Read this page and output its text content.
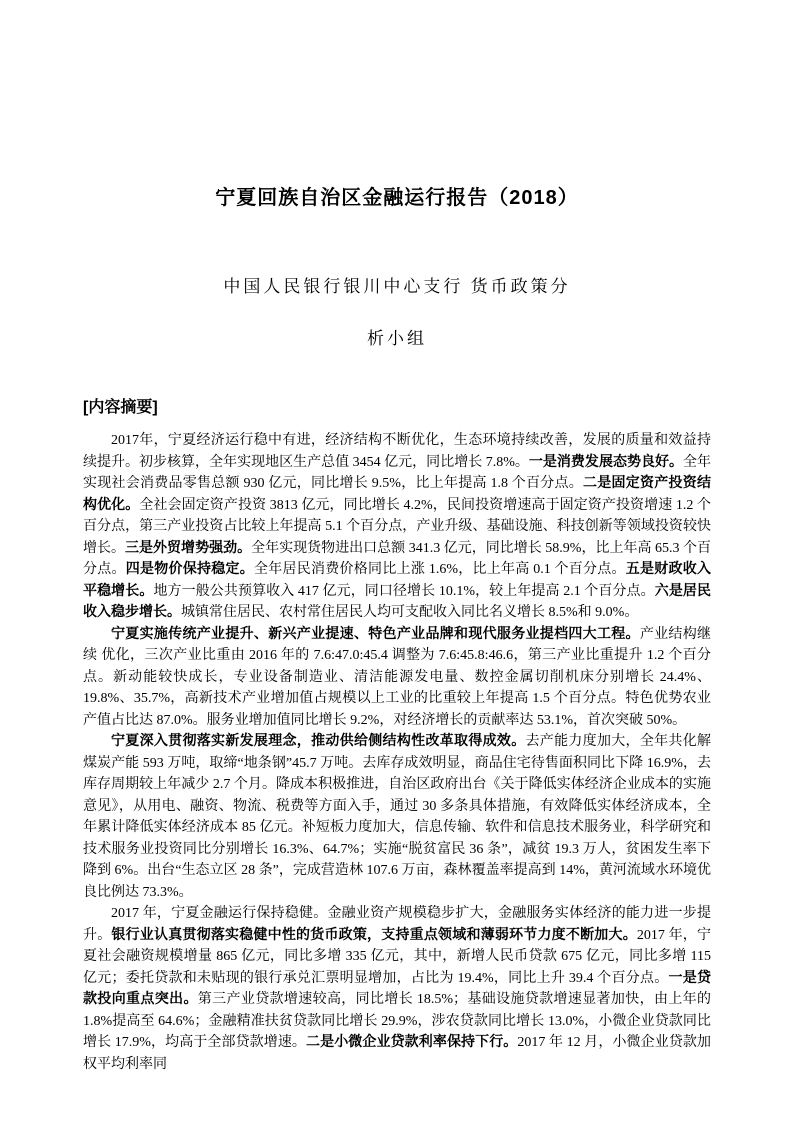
宁夏回族自治区金融运行报告（2018）
中国人民银行银川中心支行 货币政策分
析小组
[内容摘要]

2017年，宁夏经济运行稳中有进，经济结构不断优化，生态环境持续改善，发展的质量和效益持续提升。初步核算，全年实现地区生产总值 3454 亿元，同比增长 7.8%。一是消费发展态势良好。全年实现社会消费品零售总额 930 亿元，同比增长 9.5%，比上年提高 1.8 个百分点。二是固定资产投资结构优化。全社会固定资产投资 3813 亿元，同比增长 4.2%，民间投资增速高于固定资产投资增速 1.2 个百分点，第三产业投资占比较上年提高 5.1 个百分点，产业升级、基础设施、科技创新等领域投资较快增长。三是外贸增势强劲。全年实现货物进出口总额 341.3 亿元，同比增长 58.9%，比上年高 65.3 个百分点。四是物价保持稳定。全年居民消费价格同比上涨 1.6%，比上年高 0.1 个百分点。五是财政收入平稳增长。地方一般公共预算收入 417 亿元，同口径增长 10.1%，较上年提高 2.1 个百分点。六是居民收入稳步增长。城镇常住居民、农村常住居民人均可支配收入同比名义增长 8.5%和 9.0%。

宁夏实施传统产业提升、新兴产业提速、特色产业品牌和现代服务业提档四大工程。产业结构继续 优化，三次产业比重由 2016 年的 7.6:47.0:45.4 调整为 7.6:45.8:46.6，第三产业比重提升 1.2 个百分点。新动能较快成长，专业设备制造业、清洁能源发电量、数控金属切削机床分别增长 24.4%、19.8%、35.7%，高新技术产业增加值占规模以上工业的比重较上年提高 1.5 个百分点。特色优势农业产值占比达 87.0%。服务业增加值同比增长 9.2%，对经济增长的贡献率达 53.1%，首次突破 50%。

宁夏深入贯彻落实新发展理念，推动供给侧结构性改革取得成效。去产能力度加大，全年共化解煤炭产能 593 万吨，取缔“地条钢”45.7 万吨。去库存成效明显，商品住宅待售面积同比下降 16.9%，去库存周期较上年减少 2.7 个月。降成本积极推进，自治区政府出台《关于降低实体经济企业成本的实施意见》，从用电、融资、物流、税费等方面入手，通过 30 多条具体措施，有效降低实体经济成本，全年累计降低实体经济成本 85 亿元。补短板力度加大，信息传输、软件和信息技术服务业，科学研究和技术服务业投资同比分别增长 16.3%、64.7%；实施“脱贫富民 36 条”，减贫 19.3 万人，贫困发生率下降到 6%。出台“生态立区 28 条”，完成营造林 107.6 万亩，森林覆盖率提高到 14%，黄河流域水环境优良比例达 73.3%。

2017 年，宁夏金融运行保持稳健。金融业资产规模稳步扩大，金融服务实体经济的能力进一步提升。银行业认真贯彻落实稳健中性的货币政策，支持重点领域和薄弱环节力度不断加大。2017 年，宁夏社会融资规模增量 865 亿元，同比多增 335 亿元，其中，新增人民币贷款 675 亿元，同比多增 115 亿元；委托贷款和未贴现的银行承兑汇票明显增加，占比为 19.4%，同比上升 39.4 个百分点。一是贷款投向重点突出。第三产业贷款增速较高，同比增长 18.5%；基础设施贷款增速显著加快，由上年的 1.8%提高至 64.6%；金融精准扶贫贷款同比增长 29.9%，涉农贷款同比增长 13.0%，小微企业贷款同比增长 17.9%，均高于全部贷款增速。二是小微企业贷款利率保持下行。2017 年 12 月，小微企业贷款加权平均利率同
